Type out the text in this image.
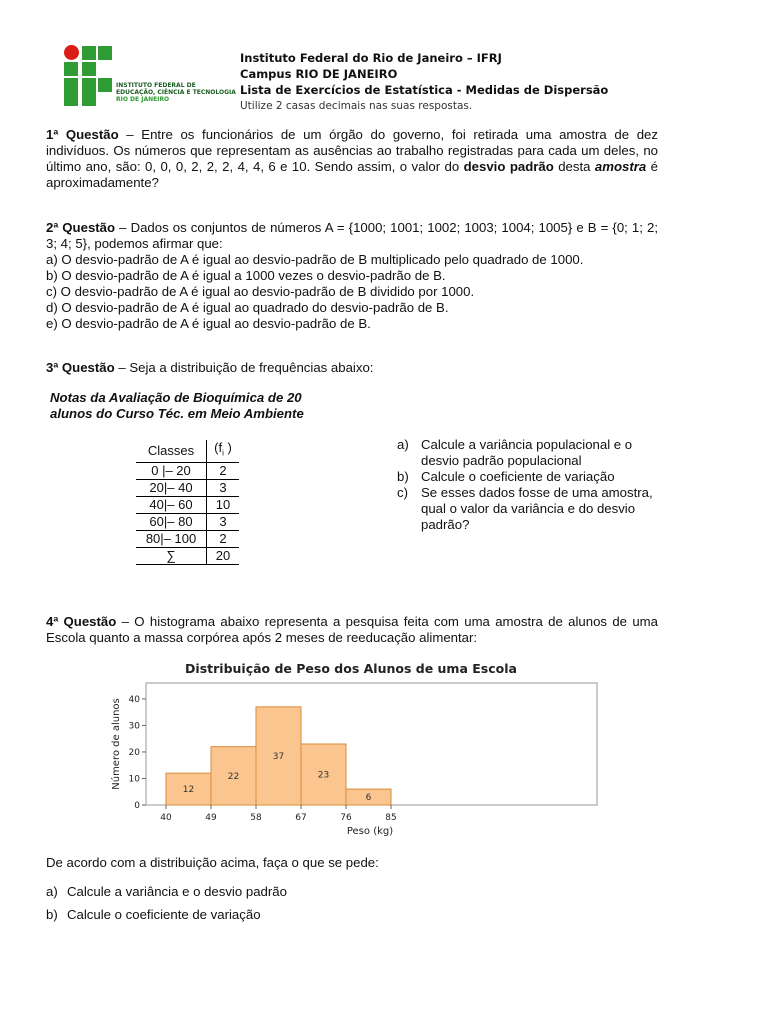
INSTITUTO FEDERAL DE
EDUCAÇÃO, CIÊNCIA E TECNOLOGIA
RIO DE JANEIRO
Instituto Federal do Rio de Janeiro – IFRJ
Campus RIO DE JANEIRO
Lista de Exercícios de Estatística - Medidas de Dispersão
Utilize 2 casas decimais nas suas respostas.

1ª Questão – Entre os funcionários de um órgão do governo, foi retirada uma amostra de dez indivíduos. Os números que representam as ausências ao trabalho registradas para cada um deles, no último ano, são: 0, 0, 0, 2, 2, 2, 4, 4, 6 e 10. Sendo assim, o valor do desvio padrão desta amostra é aproximadamente?

2ª Questão – Dados os conjuntos de números A = {1000; 1001; 1002; 1003; 1004; 1005} e B = {0; 1; 2; 3; 4; 5}, podemos afirmar que:

a) O desvio-padrão de A é igual ao desvio-padrão de B multiplicado pelo quadrado de 1000.

b) O desvio-padrão de A é igual a 1000 vezes o desvio-padrão de B.

c) O desvio-padrão de A é igual ao desvio-padrão de B dividido por 1000.

d) O desvio-padrão de A é igual ao quadrado do desvio-padrão de B.

e) O desvio-padrão de A é igual ao desvio-padrão de B.

3ª Questão – Seja a distribuição de frequências abaixo:

Notas da Avaliação de Bioquímica de 20
alunos do Curso Téc. em Meio Ambiente
Classes	($f_i$ )
0 |– 20	2
20|– 40	3
40|– 60	10
60|– 80	3
80|– 100	2
∑	20
a) Calcule a variância populacional e o desvio padrão populacional
b) Calcule o coeficiente de variação
c) Se esses dados fosse de uma amostra, qual o valor da variância e do desvio padrão?

4ª Questão – O histograma abaixo representa a pesquisa feita com uma amostra de alunos de uma Escola quanto a massa corpórea após 2 meses de reeducação alimentar:

Distribuição de Peso dos Alunos de uma Escola
12
22
37
23
6
0
10
20
30
40
40	49	58	67	76	85
Peso (kg)
Número de alunos

De acordo com a distribuição acima, faça o que se pede:

a) Calcule a variância e o desvio padrão
b) Calcule o coeficiente de variação
